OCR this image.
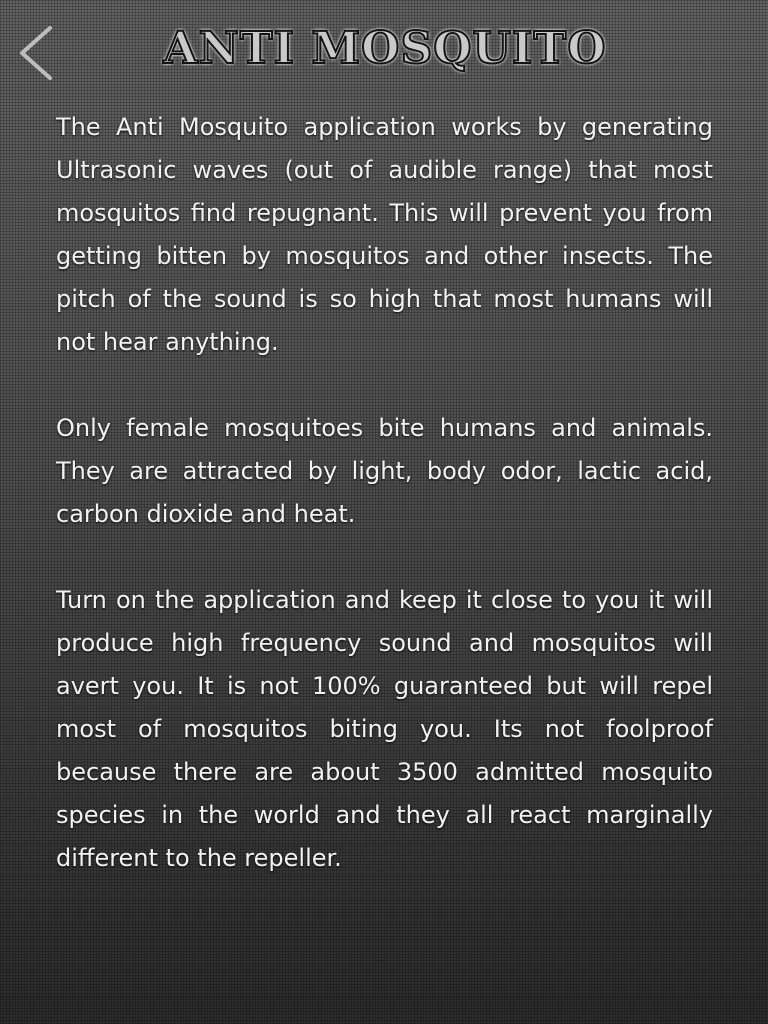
ANTI MOSQUITO

The Anti Mosquito application works by generating Ultrasonic waves (out of audible range) that most mosquitos find repugnant. This will prevent you from getting bitten by mosquitos and other insects. The pitch of the sound is so high that most humans will not hear anything.

Only female mosquitoes bite humans and animals. They are attracted by light, body odor, lactic acid, carbon dioxide and heat.

Turn on the application and keep it close to you it will produce high frequency sound and mosquitos will avert you. It is not 100% guaranteed but will repel most of mosquitos biting you. Its not foolproof because there are about 3500 admitted mosquito species in the world and they all react marginally different to the repeller.
